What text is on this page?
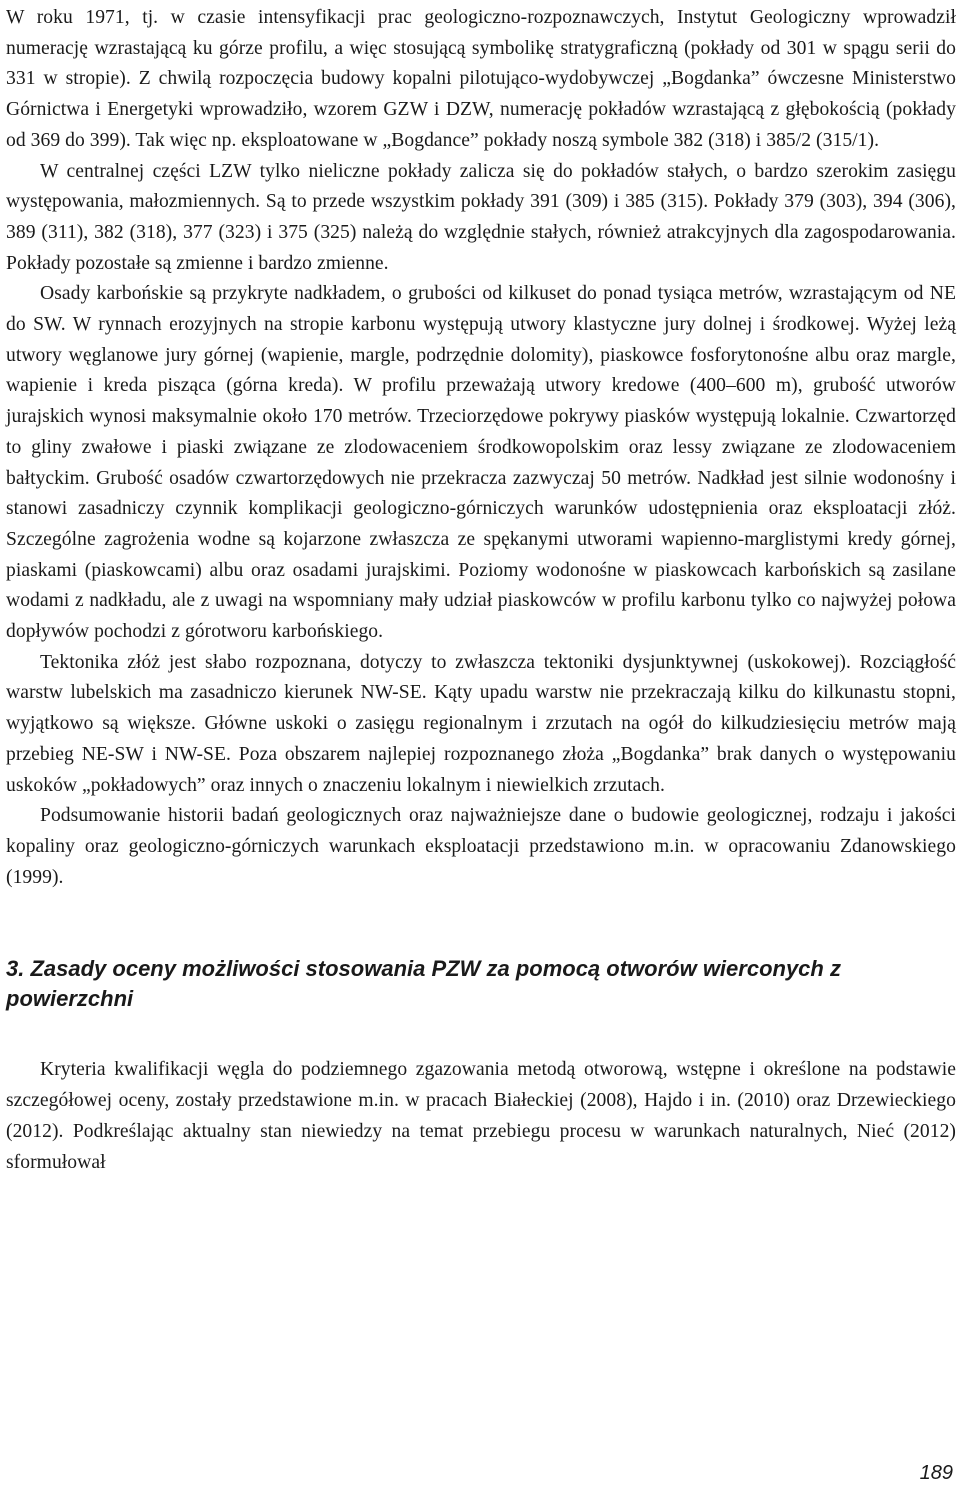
W roku 1971, tj. w czasie intensyfikacji prac geologiczno-rozpoznawczych, Instytut Geologiczny wprowadził numerację wzrastającą ku górze profilu, a więc stosującą symbolikę stratygraficzną (pokłady od 301 w spągu serii do 331 w stropie). Z chwilą rozpoczęcia budowy kopalni pilotująco-wydobywczej „Bogdanka” ówczesne Ministerstwo Górnictwa i Energetyki wprowadziło, wzorem GZW i DZW, numerację pokładów wzrastającą z głębokością (pokłady od 369 do 399). Tak więc np. eksploatowane w „Bogdance” pokłady noszą symbole 382 (318) i 385/2 (315/1).

W centralnej części LZW tylko nieliczne pokłady zalicza się do pokładów stałych, o bardzo szerokim zasięgu występowania, małozmiennych. Są to przede wszystkim pokłady 391 (309) i 385 (315). Pokłady 379 (303), 394 (306), 389 (311), 382 (318), 377 (323) i 375 (325) należą do względnie stałych, również atrakcyjnych dla zagospodarowania. Pokłady pozostałe są zmienne i bardzo zmienne.

Osady karbońskie są przykryte nadkładem, o grubości od kilkuset do ponad tysiąca metrów, wzrastającym od NE do SW. W rynnach erozyjnych na stropie karbonu występują utwory klastyczne jury dolnej i środkowej. Wyżej leżą utwory węglanowe jury górnej (wapienie, margle, podrzędnie dolomity), piaskowce fosforytonośne albu oraz margle, wapienie i kreda pisząca (górna kreda). W profilu przeważają utwory kredowe (400–600 m), grubość utworów jurajskich wynosi maksymalnie około 170 metrów. Trzeciorzędowe pokrywy piasków występują lokalnie. Czwartorzęd to gliny zwałowe i piaski związane ze zlodowaceniem środkowopolskim oraz lessy związane ze zlodowaceniem bałtyckim. Grubość osadów czwartorzędowych nie przekracza zazwyczaj 50 metrów. Nadkład jest silnie wodonośny i stanowi zasadniczy czynnik komplikacji geologiczno-górniczych warunków udostępnienia oraz eksploatacji złóż. Szczególne zagrożenia wodne są kojarzone zwłaszcza ze spękanymi utworami wapienno-marglistymi kredy górnej, piaskami (piaskowcami) albu oraz osadami jurajskimi. Poziomy wodonośne w piaskowcach karbońskich są zasilane wodami z nadkładu, ale z uwagi na wspomniany mały udział piaskowców w profilu karbonu tylko co najwyżej połowa dopływów pochodzi z górotworu karbońskiego.

Tektonika złóż jest słabo rozpoznana, dotyczy to zwłaszcza tektoniki dysjunktywnej (uskokowej). Rozciągłość warstw lubelskich ma zasadniczo kierunek NW-SE. Kąty upadu warstw nie przekraczają kilku do kilkunastu stopni, wyjątkowo są większe. Główne uskoki o zasięgu regionalnym i zrzutach na ogół do kilkudziesięciu metrów mają przebieg NE-SW i NW-SE. Poza obszarem najlepiej rozpoznanego złoża „Bogdanka” brak danych o występowaniu uskoków „pokładowych” oraz innych o znaczeniu lokalnym i niewielkich zrzutach.

Podsumowanie historii badań geologicznych oraz najważniejsze dane o budowie geologicznej, rodzaju i jakości kopaliny oraz geologiczno-górniczych warunkach eksploatacji przedstawiono m.in. w opracowaniu Zdanowskiego (1999).

3. Zasady oceny możliwości stosowania PZW za pomocą otworów wierconych z powierzchni

Kryteria kwalifikacji węgla do podziemnego zgazowania metodą otworową, wstępne i określone na podstawie szczegółowej oceny, zostały przedstawione m.in. w pracach Białeckiej (2008), Hajdo i in. (2010) oraz Drzewieckiego (2012). Podkreślając aktualny stan niewiedzy na temat przebiegu procesu w warunkach naturalnych, Nieć (2012) sformułował

189
